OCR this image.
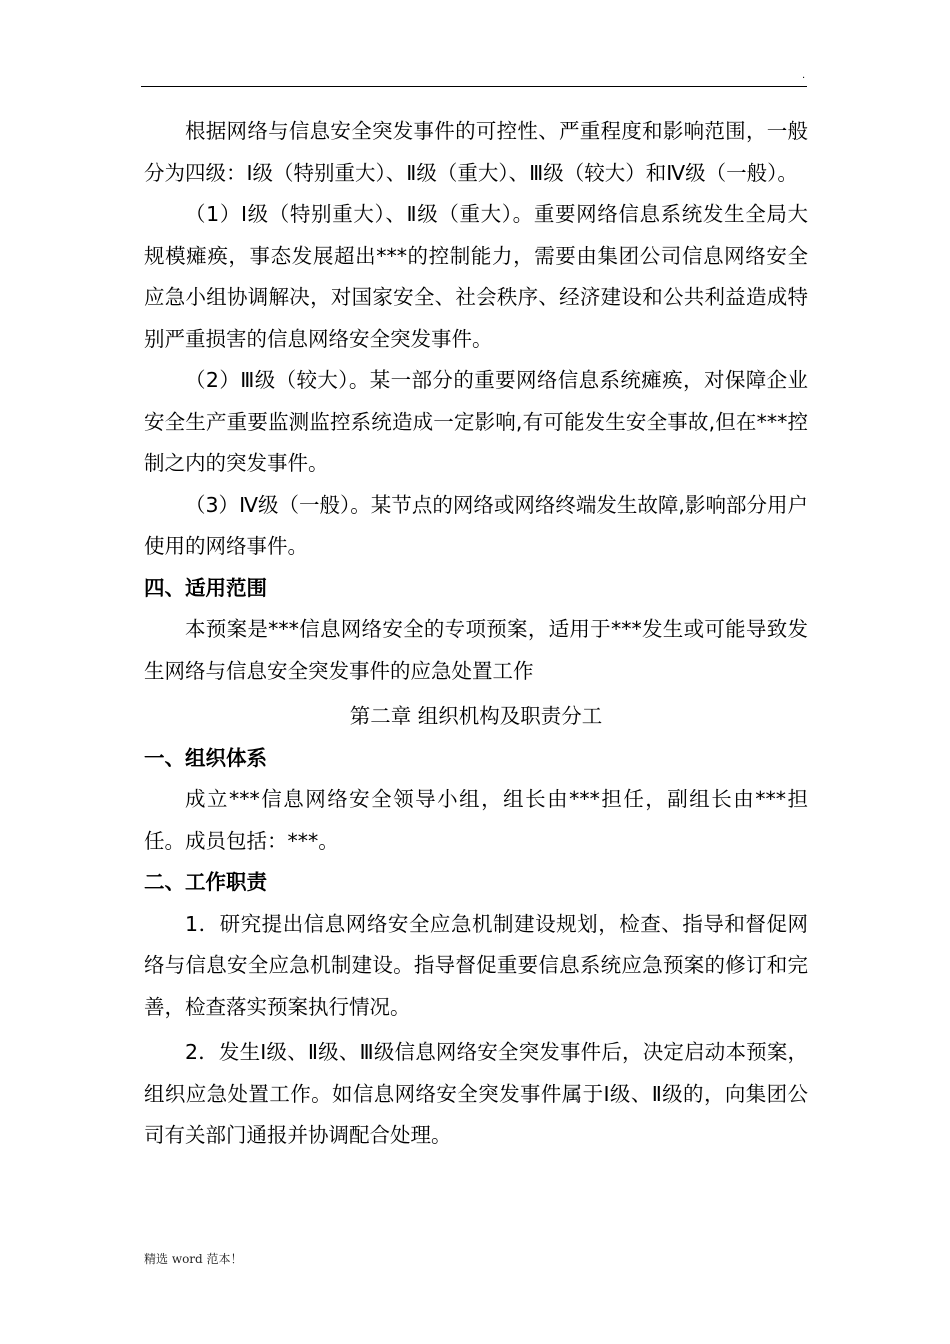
.

根据网络与信息安全突发事件的可控性、严重程度和影响范围，一般分为四级：Ⅰ级（特别重大）、Ⅱ级（重大）、Ⅲ级（较大）和Ⅳ级（一般）。

（1）Ⅰ级（特别重大）、Ⅱ级（重大）。重要网络信息系统发生全局大规模瘫痪，事态发展超出***的控制能力，需要由集团公司信息网络安全应急小组协调解决，对国家安全、社会秩序、经济建设和公共利益造成特别严重损害的信息网络安全突发事件。

（2）Ⅲ级（较大）。某一部分的重要网络信息系统瘫痪，对保障企业安全生产重要监测监控系统造成一定影响,有可能发生安全事故,但在***控制之内的突发事件。

（3）Ⅳ级（一般）。某节点的网络或网络终端发生故障,影响部分用户使用的网络事件。

四、适用范围

本预案是***信息网络安全的专项预案，适用于***发生或可能导致发生网络与信息安全突发事件的应急处置工作

第二章 组织机构及职责分工

一、组织体系

成立***信息网络安全领导小组，组长由***担任，副组长由***担任。成员包括：***。

二、工作职责

1．研究提出信息网络安全应急机制建设规划，检查、指导和督促网络与信息安全应急机制建设。指导督促重要信息系统应急预案的修订和完善，检查落实预案执行情况。

2．发生Ⅰ级、Ⅱ级、Ⅲ级信息网络安全突发事件后，决定启动本预案，组织应急处置工作。如信息网络安全突发事件属于Ⅰ级、Ⅱ级的，向集团公司有关部门通报并协调配合处理。

精选 word 范本！
